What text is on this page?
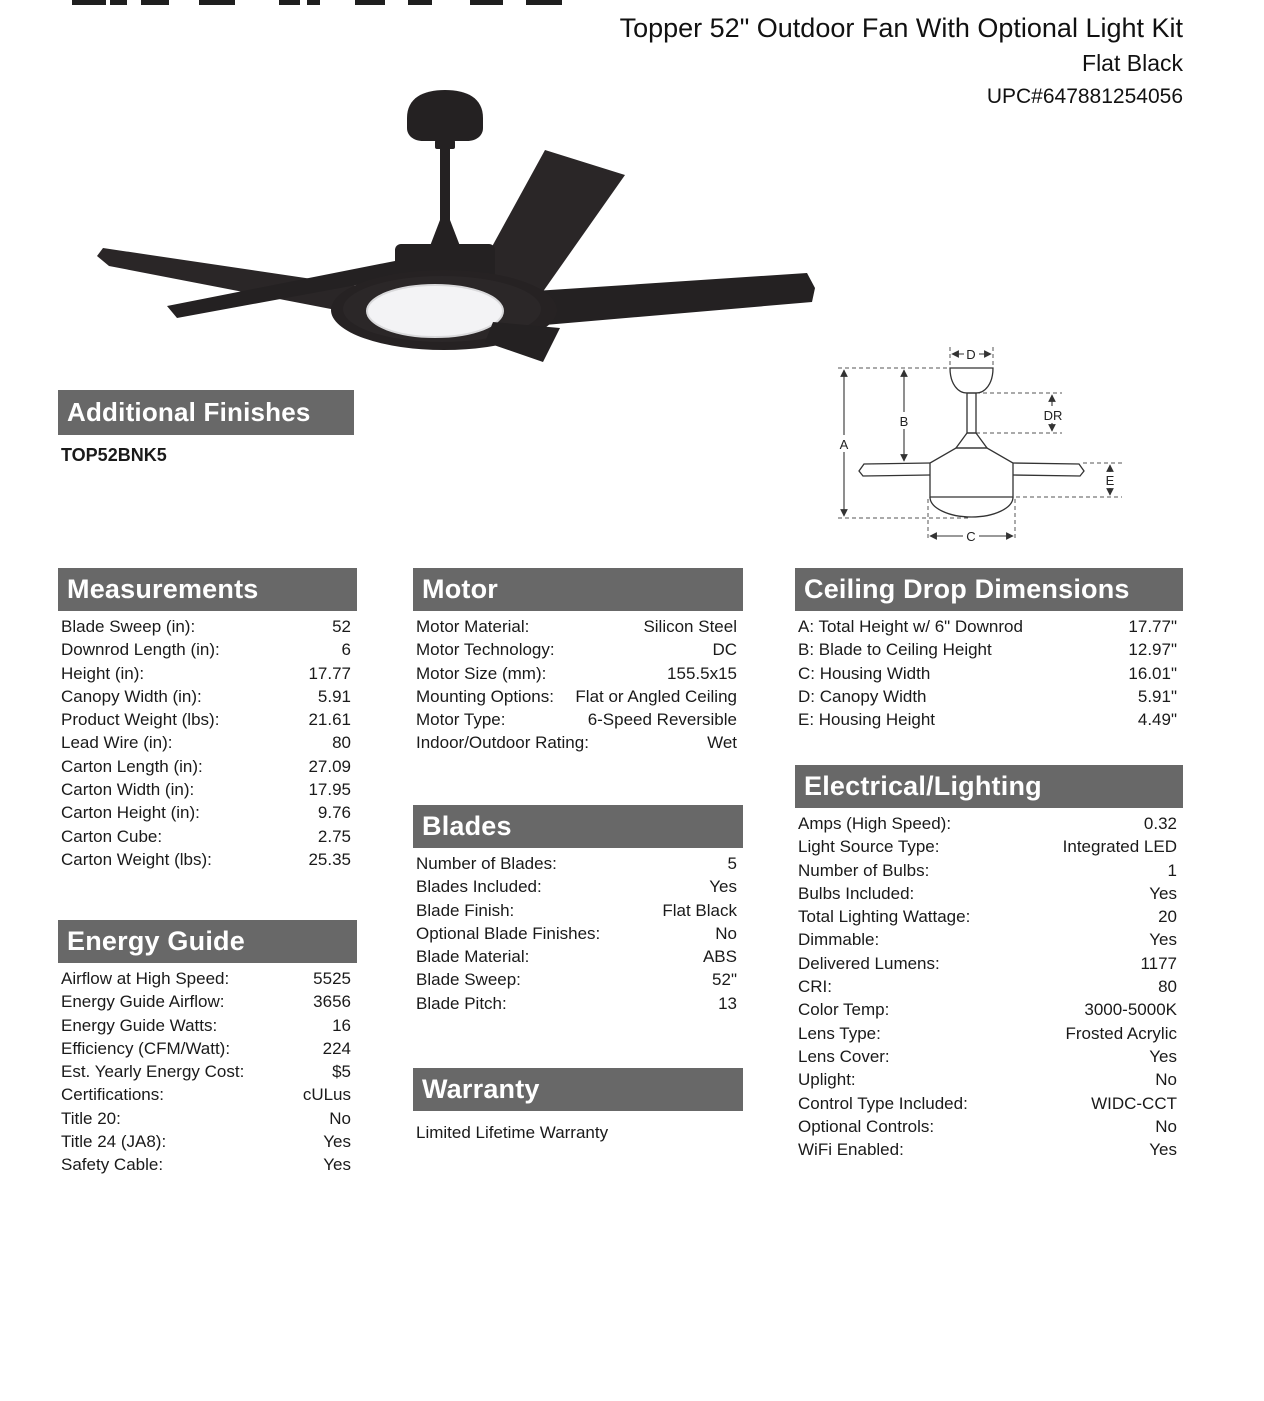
Topper 52" Outdoor Fan With Optional Light Kit
Flat Black
UPC#647881254056
A
B	DR
E
C
D
Additional Finishes
TOP52BNK5
Measurements
Blade Sweep (in):	52
Downrod Length (in):	6
Height (in):	17.77
Canopy Width (in):	5.91
Product Weight (lbs):	21.61
Lead Wire (in):	80
Carton Length (in):	27.09
Carton Width (in):	17.95
Carton Height (in):	9.76
Carton Cube:	2.75
Carton Weight (lbs):	25.35
Energy Guide
Airflow at High Speed:	5525
Energy Guide Airflow:	3656
Energy Guide Watts:	16
Efficiency (CFM/Watt):	224
Est. Yearly Energy Cost:	$5
Certifications:	cULus
Title 20:	No
Title 24 (JA8):	Yes
Safety Cable:	Yes
Motor
Motor Material:	Silicon Steel
Motor Technology:	DC
Motor Size (mm):	155.5x15
Mounting Options: Flat or Angled Ceiling
Motor Type:	6-Speed Reversible
Indoor/Outdoor Rating:	Wet
Blades
Number of Blades:	5
Blades Included:	Yes
Blade Finish:	Flat Black
Optional Blade Finishes:	No
Blade Material:	ABS
Blade Sweep:	52"
Blade Pitch:	13
Warranty
Limited Lifetime Warranty
Ceiling Drop Dimensions
A: Total Height w/ 6" Downrod	17.77"
B: Blade to Ceiling Height	12.97"
C: Housing Width	16.01"
D: Canopy Width	5.91"
E: Housing Height	4.49"
Electrical/Lighting
Amps (High Speed):	0.32
Light Source Type:	Integrated LED
Number of Bulbs:	1
Bulbs Included:	Yes
Total Lighting Wattage:	20
Dimmable:	Yes
Delivered Lumens:	1177
CRI:	80
Color Temp:	3000-5000K
Lens Type:	Frosted Acrylic
Lens Cover:	Yes
Uplight:	No
Control Type Included:	WIDC-CCT
Optional Controls:	No
WiFi Enabled:	Yes
